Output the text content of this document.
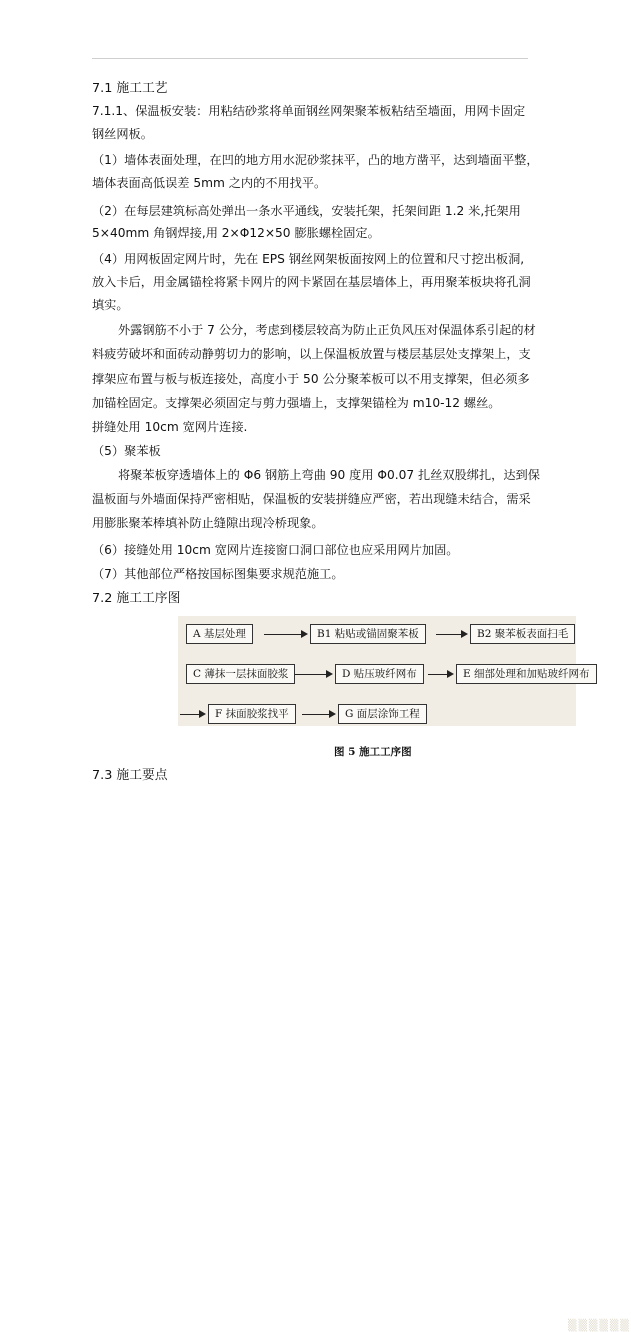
7.1 施工工艺
7.1.1、保温板安装：用粘结砂浆将单面钢丝网架聚苯板粘结至墙面，用网卡固定
钢丝网板。
（1）墙体表面处理，在凹的地方用水泥砂浆抹平，凸的地方凿平，达到墙面平整，
墙体表面高低误差 5mm 之内的不用找平。
（2）在每层建筑标高处弹出一条水平通线，安装托架，托架间距 1.2 米,托架用
5×40mm 角钢焊接,用 2×Φ12×50 膨胀螺栓固定。
（4）用网板固定网片时，先在 EPS 钢丝网架板面按网上的位置和尺寸挖出板洞,
放入卡后，用金属锚栓将紧卡网片的网卡紧固在基层墙体上，再用聚苯板块将孔洞
填实。
外露钢筋不小于 7 公分，考虑到楼层较高为防止正负风压对保温体系引起的材
料疲劳破坏和面砖动静剪切力的影响，以上保温板放置与楼层基层处支撑架上，支
撑架应布置与板与板连接处，高度小于 50 公分聚苯板可以不用支撑架，但必须多
加锚栓固定。支撑架必须固定与剪力强墙上，支撑架锚栓为 m10-12 螺丝。
拼缝处用 10cm 宽网片连接.
（5）聚苯板
将聚苯板穿透墙体上的 Φ6 钢筋上弯曲 90 度用 Φ0.07 扎丝双股绑扎，达到保
温板面与外墙面保持严密相贴，保温板的安装拼缝应严密，若出现缝未结合，需采
用膨胀聚苯棒填补防止缝隙出现冷桥现象。
（6）接缝处用 10cm 宽网片连接窗口洞口部位也应采用网片加固。
（7）其他部位严格按国标图集要求规范施工。
7.2 施工工序图
▒▒▒▒▒▒
A 基层处理	B1 粘贴或锚固聚苯板	B2 聚苯板表面扫毛
C 薄抹一层抹面胶浆	D 贴压玻纤网布	E 细部处理和加贴玻纤网布
F 抹面胶浆找平	G 面层涂饰工程
图 5 施工工序图
7.3 施工要点
